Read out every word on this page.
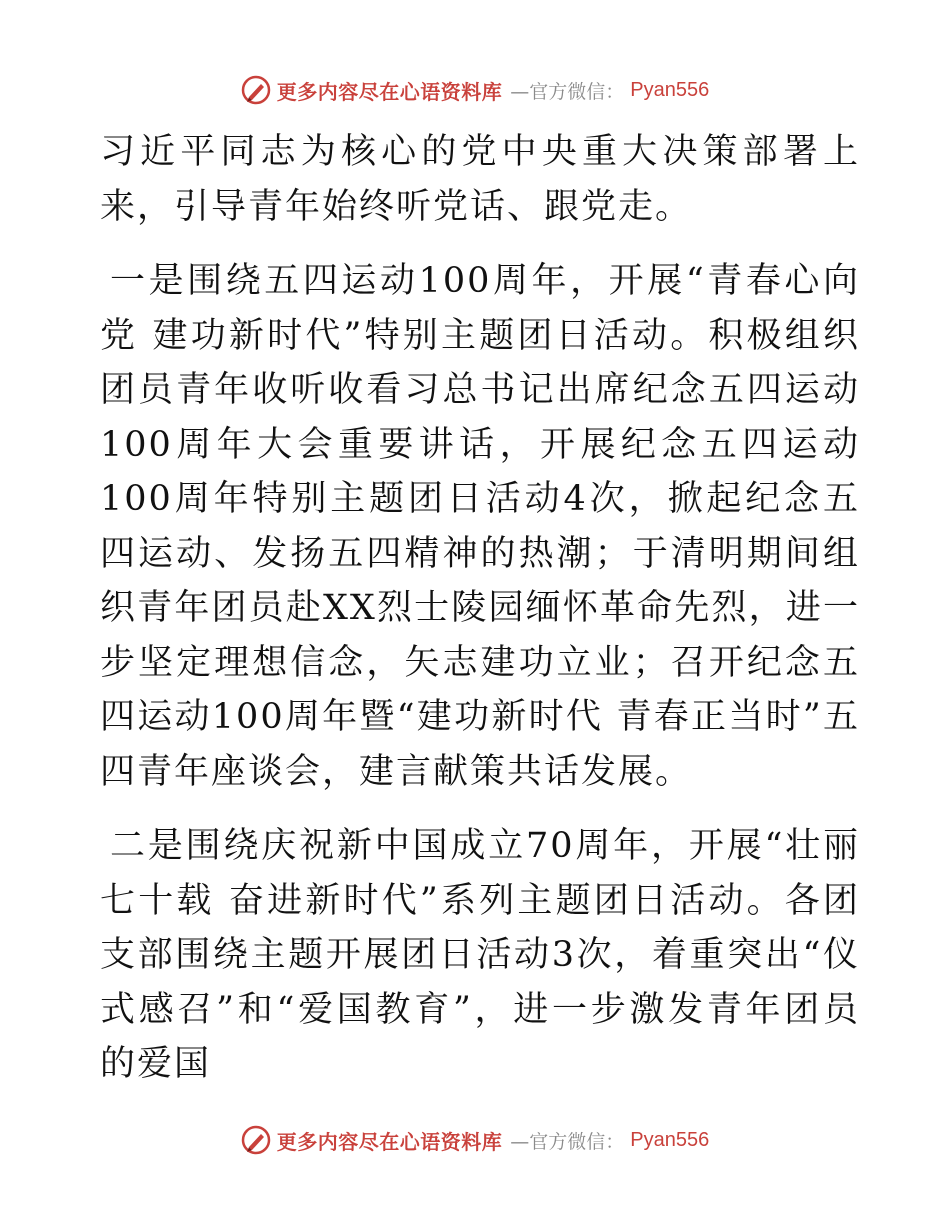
更多内容尽在心语资料库 —官方微信： Pyan556

习近平同志为核心的党中央重大决策部署上来，引导青年始终听党话、跟党走。

一是围绕五四运动100周年，开展“青春心向党 建功新时代”特别主题团日活动。积极组织团员青年收听收看习总书记出席纪念五四运动100周年大会重要讲话，开展纪念五四运动100周年特别主题团日活动4次，掀起纪念五四运动、发扬五四精神的热潮；于清明期间组织青年团员赴XX烈士陵园缅怀革命先烈，进一步坚定理想信念，矢志建功立业；召开纪念五四运动100周年暨“建功新时代 青春正当时”五四青年座谈会，建言献策共话发展。

二是围绕庆祝新中国成立70周年，开展“壮丽七十载 奋进新时代”系列主题团日活动。各团支部围绕主题开展团日活动3次，着重突出“仪式感召”和“爱国教育”，进一步激发青年团员的爱国

更多内容尽在心语资料库 —官方微信： Pyan556
